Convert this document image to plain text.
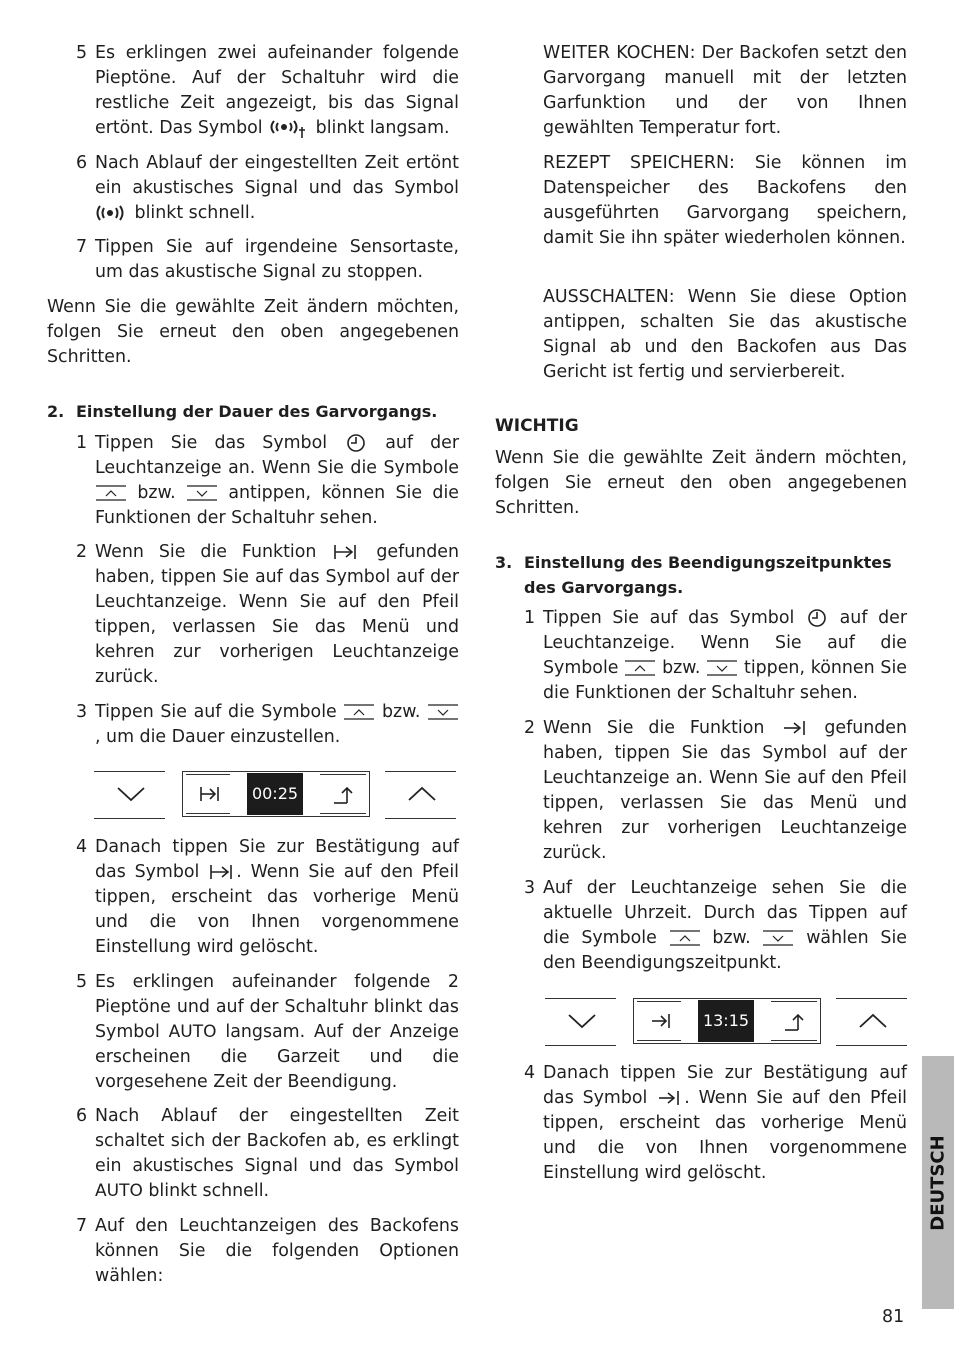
5 Es erklingen zwei aufeinander folgende Pieptöne. Auf der Schaltuhr wird die restliche Zeit angezeigt, bis das Signal ertönt. Das Symbol
blinkt langsam.
6 Nach Ablauf der eingestellten Zeit ertönt ein akustisches Signal und das Symbol
blinkt schnell.
7 Tippen Sie auf irgendeine Sensortaste, um das akustische Signal zu stoppen.
Wenn Sie die gewählte Zeit ändern möchten, folgen Sie erneut den oben angegebenen Schritten.
2. Einstellung der Dauer des Garvorgangs.
1 Tippen Sie das Symbol
auf der Leuchtanzeige an. Wenn Sie die Symbole
bzw.
antippen, können Sie die Funktionen der Schaltuhr sehen.
2 Wenn Sie die Funktion
gefunden haben, tippen Sie auf das Symbol auf der Leuchtanzeige. Wenn Sie auf den Pfeil tippen, verlassen Sie das Menü und kehren zur vorherigen Leuchtanzeige zurück.
3 Tippen Sie auf die Symbole
bzw.
, um die Dauer einzustellen.
00:25
4 Danach tippen Sie zur Bestätigung auf das Symbol
. Wenn Sie auf den Pfeil tippen, erscheint das vorherige Menü und die von Ihnen vorgenommene Einstellung wird gelöscht.
5 Es erklingen aufeinander folgende 2 Pieptöne und auf der Schaltuhr blinkt das Symbol AUTO langsam. Auf der Anzeige erscheinen die Garzeit und die vorgesehene Zeit der Beendigung.
6 Nach Ablauf der eingestellten Zeit schaltet sich der Backofen ab, es erklingt ein akustisches Signal und das Symbol AUTO blinkt schnell.
7 Auf den Leuchtanzeigen des Backofens können Sie die folgenden Optionen wählen:
WEITER KOCHEN: Der Backofen setzt den Garvorgang manuell mit der letzten Garfunktion und der von Ihnen gewählten Temperatur fort.
REZEPT SPEICHERN: Sie können im Datenspeicher des Backofens den ausgeführten Garvorgang speichern, damit Sie ihn später wiederholen können.
AUSSCHALTEN: Wenn Sie diese Option antippen, schalten Sie das akustische Signal ab und den Backofen aus Das Gericht ist fertig und servierbereit.
WICHTIG
Wenn Sie die gewählte Zeit ändern möchten, folgen Sie erneut den oben angegebenen Schritten.
3. Einstellung des Beendigungszeitpunktes des Garvorgangs.
1 Tippen Sie auf das Symbol
auf der Leuchtanzeige. Wenn Sie auf die Symbole
bzw.
tippen, können Sie die Funktionen der Schaltuhr sehen.
2 Wenn Sie die Funktion
gefunden haben, tippen Sie das Symbol auf der Leuchtanzeige an. Wenn Sie auf den Pfeil tippen, verlassen Sie das Menü und kehren zur vorherigen Leuchtanzeige zurück.
3 Auf der Leuchtanzeige sehen Sie die aktuelle Uhrzeit. Durch das Tippen auf die Symbole
bzw.
wählen Sie den Beendigungszeitpunkt.
13:15
4 Danach tippen Sie zur Bestätigung auf das Symbol
. Wenn Sie auf den Pfeil tippen, erscheint das vorherige Menü und die von Ihnen vorgenommene Einstellung wird gelöscht.	DEUTSCH
81
